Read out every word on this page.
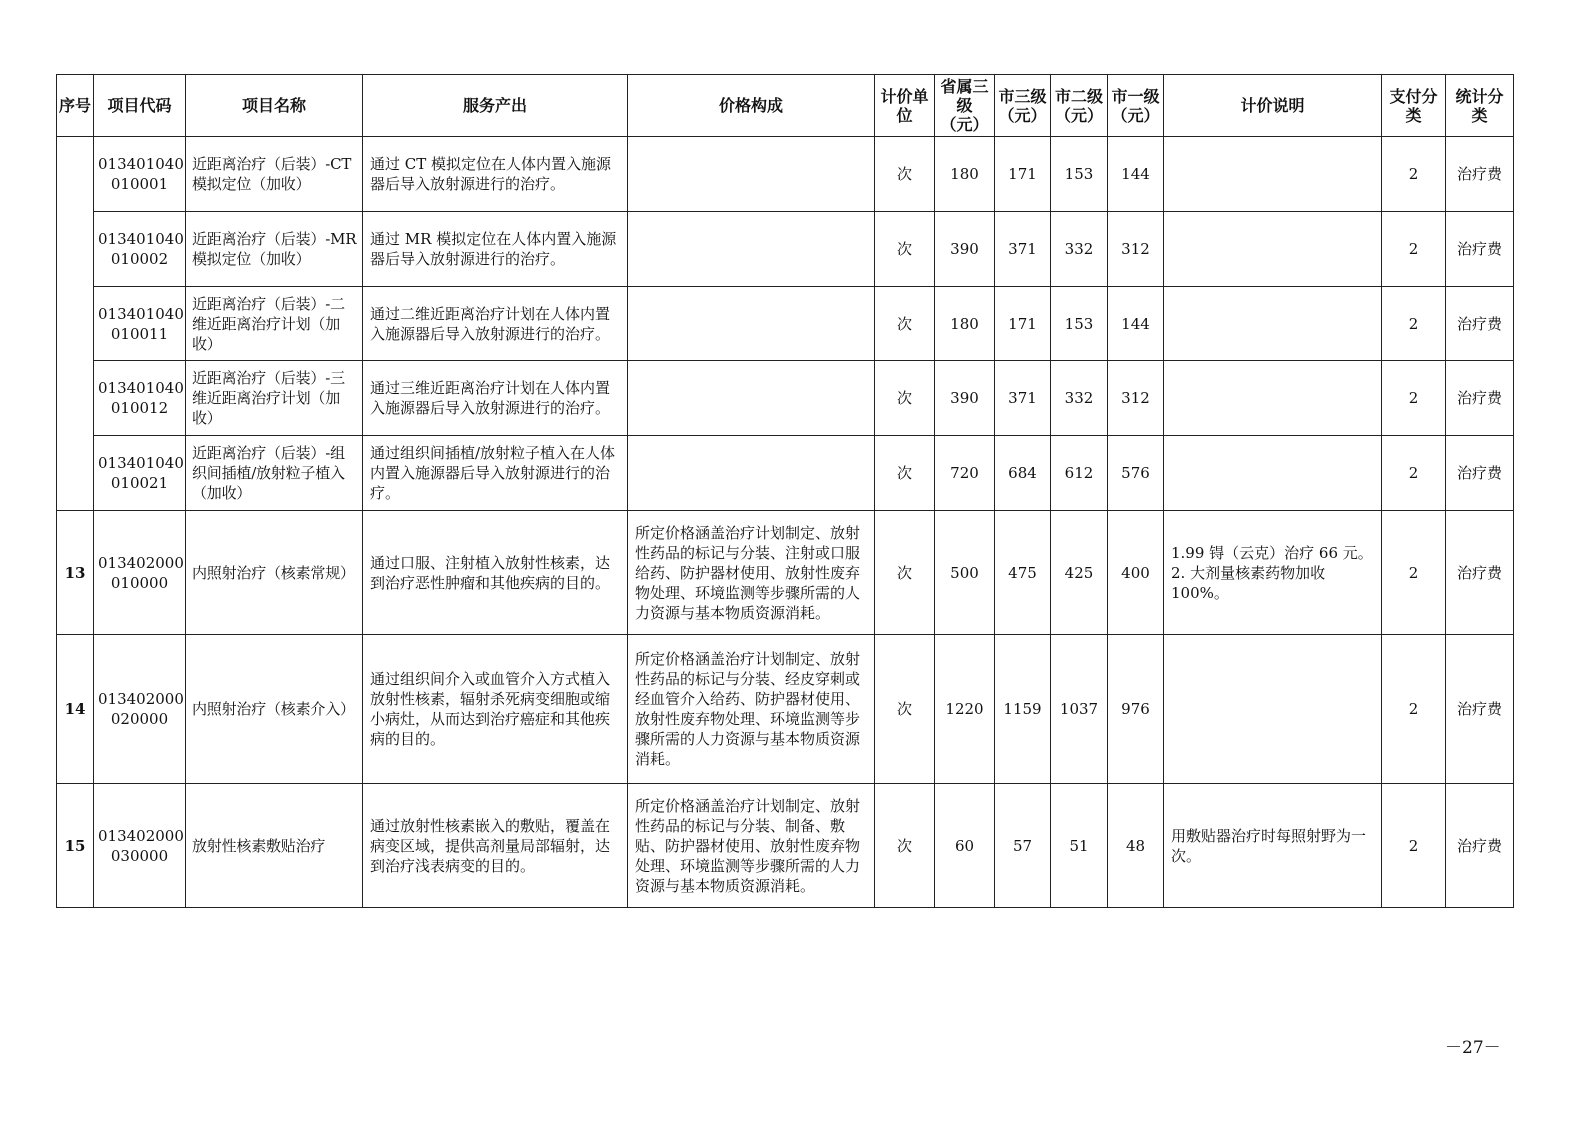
序号	项目代码	项目名称	服务产出	价格构成	计价单位	省属三级（元）	市三级（元）	市二级（元）	市一级（元）	计价说明	支付分类	统计分类
	013401040 010001	近距离治疗（后装）-CT 模拟定位（加收）	通过 CT 模拟定位在人体内置入施源器后导入放射源进行的治疗。		次	180	171	153	144		2	治疗费
	013401040 010002	近距离治疗（后装）-MR 模拟定位（加收）	通过 MR 模拟定位在人体内置入施源器后导入放射源进行的治疗。		次	390	371	332	312		2	治疗费
	013401040 010011	近距离治疗（后装）-二维近距离治疗计划（加收）	通过二维近距离治疗计划在人体内置入施源器后导入放射源进行的治疗。		次	180	171	153	144		2	治疗费
	013401040 010012	近距离治疗（后装）-三维近距离治疗计划（加收）	通过三维近距离治疗计划在人体内置入施源器后导入放射源进行的治疗。		次	390	371	332	312		2	治疗费
	013401040 010021	近距离治疗（后装）-组织间插植/放射粒子植入（加收）	通过组织间插植/放射粒子植入在人体内置入施源器后导入放射源进行的治疗。		次	720	684	612	576		2	治疗费
13	013402000 010000	内照射治疗（核素常规）	通过口服、注射植入放射性核素，达到治疗恶性肿瘤和其他疾病的目的。	所定价格涵盖治疗计划制定、放射性药品的标记与分装、注射或口服给药、防护器材使用、放射性废弃物处理、环境监测等步骤所需的人力资源与基本物质资源消耗。	次	500	475	425	400	1.99 锝（云克）治疗 66 元。2. 大剂量核素药物加收 100%。	2	治疗费
14	013402000 020000	内照射治疗（核素介入）	通过组织间介入或血管介入方式植入放射性核素，辐射杀死病变细胞或缩小病灶，从而达到治疗癌症和其他疾病的目的。	所定价格涵盖治疗计划制定、放射性药品的标记与分装、经皮穿刺或经血管介入给药、防护器材使用、放射性废弃物处理、环境监测等步骤所需的人力资源与基本物质资源消耗。	次	1220	1159	1037	976		2	治疗费
15	013402000 030000	放射性核素敷贴治疗	通过放射性核素嵌入的敷贴，覆盖在病变区域，提供高剂量局部辐射，达到治疗浅表病变的目的。	所定价格涵盖治疗计划制定、放射性药品的标记与分装、制备、敷贴、防护器材使用、放射性废弃物处理、环境监测等步骤所需的人力资源与基本物质资源消耗。	次	60	57	51	48	用敷贴器治疗时每照射野为一次。	2	治疗费
－27－
